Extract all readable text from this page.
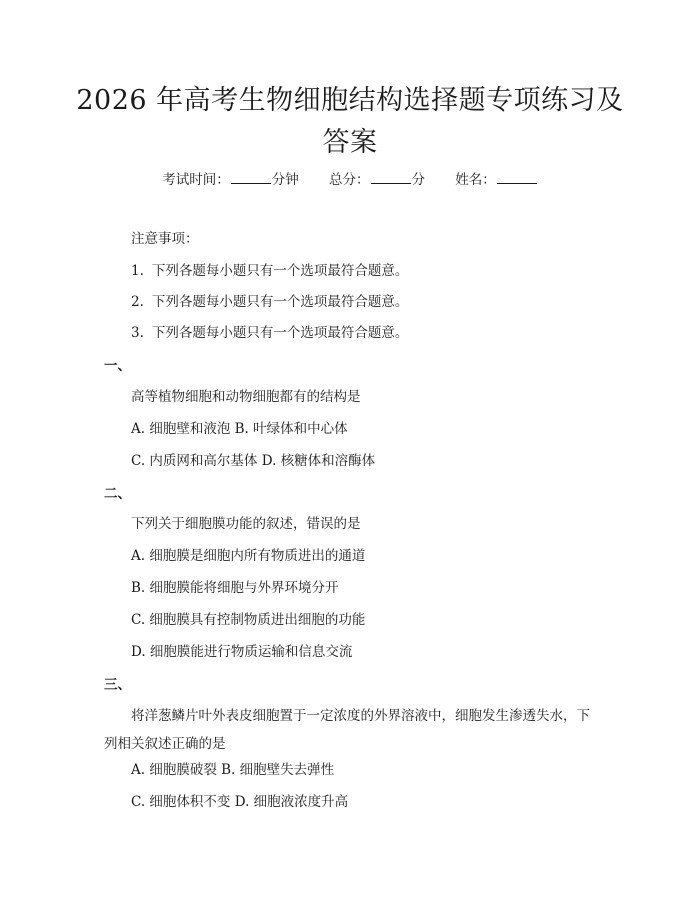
2026 年高考生物细胞结构选择题专项练习及答案
考试时间：	分钟 总分：	分 姓名：
注意事项：
1. 下列各题每小题只有一个选项最符合题意。
2. 下列各题每小题只有一个选项最符合题意。
3. 下列各题每小题只有一个选项最符合题意。
一、
高等植物细胞和动物细胞都有的结构是
A. 细胞壁和液泡 B. 叶绿体和中心体
C. 内质网和高尔基体 D. 核糖体和溶酶体
二、
下列关于细胞膜功能的叙述，错误的是
A. 细胞膜是细胞内所有物质进出的通道
B. 细胞膜能将细胞与外界环境分开
C. 细胞膜具有控制物质进出细胞的功能
D. 细胞膜能进行物质运输和信息交流
三、
将洋葱鳞片叶外表皮细胞置于一定浓度的外界溶液中，细胞发生渗透失水，下列相关叙述正确的是
A. 细胞膜破裂 B. 细胞壁失去弹性
C. 细胞体积不变 D. 细胞液浓度升高
